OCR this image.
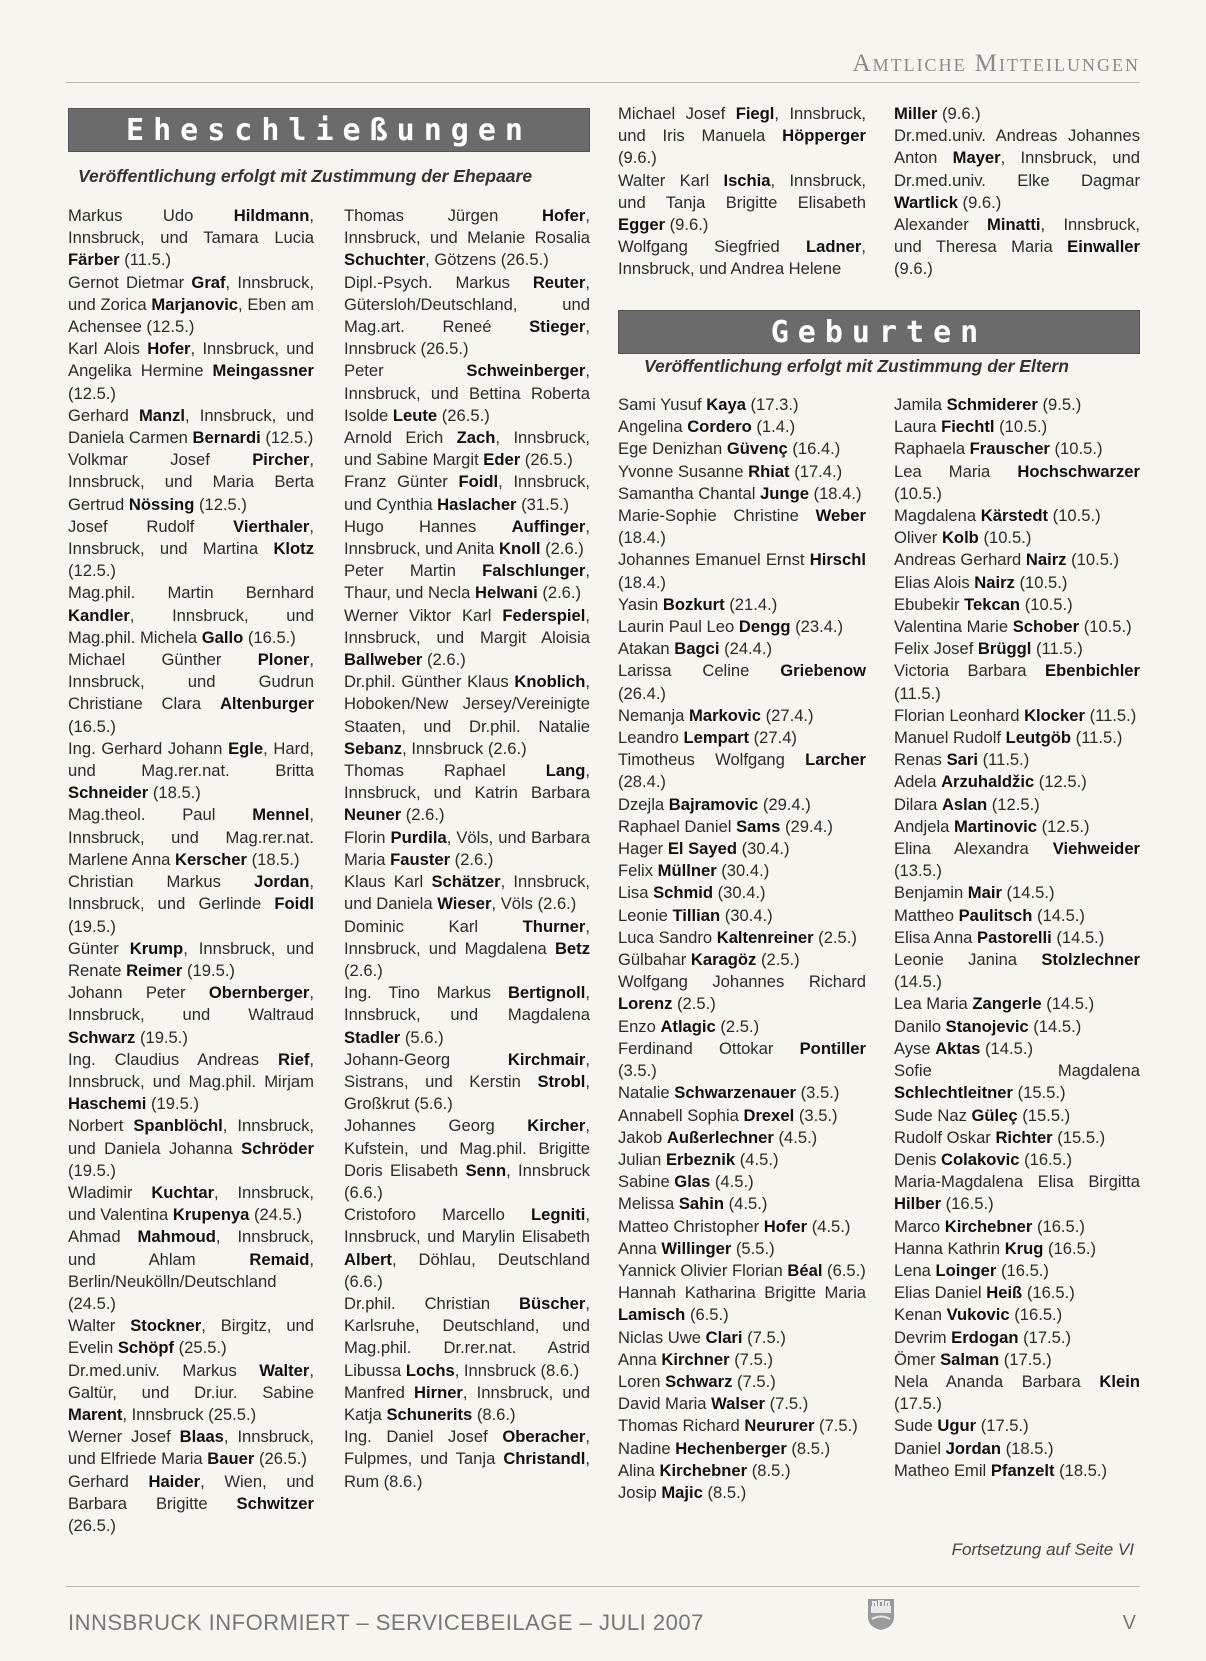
Amtliche Mitteilungen
Eheschließungen
Veröffentlichung erfolgt mit Zustimmung der Ehepaare

Markus Udo Hildmann, Innsbruck, und Tamara Lucia Färber (11.5.)

Gernot Dietmar Graf, Innsbruck, und Zorica Marjanovic, Eben am Achensee (12.5.)

Karl Alois Hofer, Innsbruck, und Angelika Hermine Meingassner (12.5.)

Gerhard Manzl, Innsbruck, und Daniela Carmen Bernardi (12.5.)

Volkmar Josef Pircher, Innsbruck, und Maria Berta Gertrud Nössing (12.5.)

Josef Rudolf Vierthaler, Innsbruck, und Martina Klotz (12.5.)

Mag.phil. Martin Bernhard Kandler, Innsbruck, und Mag.phil. Michela Gallo (16.5.)

Michael Günther Ploner, Innsbruck, und Gudrun Christiane Clara Altenburger (16.5.)

Ing. Gerhard Johann Egle, Hard, und Mag.rer.nat. Britta Schneider (18.5.)

Mag.theol. Paul Mennel, Innsbruck, und Mag.rer.nat. Marlene Anna Kerscher (18.5.)

Christian Markus Jordan, Innsbruck, und Gerlinde Foidl (19.5.)

Günter Krump, Innsbruck, und Renate Reimer (19.5.)

Johann Peter Obernberger, Innsbruck, und Waltraud Schwarz (19.5.)

Ing. Claudius Andreas Rief, Innsbruck, und Mag.phil. Mirjam Haschemi (19.5.)

Norbert Spanblöchl, Innsbruck, und Daniela Johanna Schröder (19.5.)

Wladimir Kuchtar, Innsbruck, und Valentina Krupenya (24.5.)

Ahmad Mahmoud, Innsbruck, und Ahlam Remaid, Berlin/Neukölln/Deutschland (24.5.)

Walter Stockner, Birgitz, und Evelin Schöpf (25.5.)

Dr.med.univ. Markus Walter, Galtür, und Dr.iur. Sabine Marent, Innsbruck (25.5.)

Werner Josef Blaas, Innsbruck, und Elfriede Maria Bauer (26.5.)

Gerhard Haider, Wien, und Barbara Brigitte Schwitzer (26.5.)

Thomas Jürgen Hofer, Innsbruck, und Melanie Rosalia Schuchter, Götzens (26.5.)

Dipl.-Psych. Markus Reuter, Gütersloh/Deutschland, und Mag.art. Reneé Stieger, Innsbruck (26.5.)

Peter Schweinberger, Innsbruck, und Bettina Roberta Isolde Leute (26.5.)

Arnold Erich Zach, Innsbruck, und Sabine Margit Eder (26.5.)

Franz Günter Foidl, Innsbruck, und Cynthia Haslacher (31.5.)

Hugo Hannes Auffinger, Innsbruck, und Anita Knoll (2.6.)

Peter Martin Falschlunger, Thaur, und Necla Helwani (2.6.)

Werner Viktor Karl Federspiel, Innsbruck, und Margit Aloisia Ballweber (2.6.)

Dr.phil. Günther Klaus Knoblich, Hoboken/New Jersey/Vereinigte Staaten, und Dr.phil. Natalie Sebanz, Innsbruck (2.6.)

Thomas Raphael Lang, Innsbruck, und Katrin Barbara Neuner (2.6.)

Florin Purdila, Völs, und Barbara Maria Fauster (2.6.)

Klaus Karl Schätzer, Innsbruck, und Daniela Wieser, Völs (2.6.)

Dominic Karl Thurner, Innsbruck, und Magdalena Betz (2.6.)

Ing. Tino Markus Bertignoll, Innsbruck, und Magdalena Stadler (5.6.)

Johann-Georg Kirchmair, Sistrans, und Kerstin Strobl, Großkrut (5.6.)

Johannes Georg Kircher, Kufstein, und Mag.phil. Brigitte Doris Elisabeth Senn, Innsbruck (6.6.)

Cristoforo Marcello Legniti, Innsbruck, und Marylin Elisabeth Albert, Döhlau, Deutschland (6.6.)

Dr.phil. Christian Büscher, Karlsruhe, Deutschland, und Mag.phil. Dr.rer.nat. Astrid Libussa Lochs, Innsbruck (8.6.)

Manfred Hirner, Innsbruck, und Katja Schunerits (8.6.)

Ing. Daniel Josef Oberacher, Fulpmes, und Tanja Christandl, Rum (8.6.)

Michael Josef Fiegl, Innsbruck, und Iris Manuela Höpperger (9.6.)

Walter Karl Ischia, Innsbruck, und Tanja Brigitte Elisabeth Egger (9.6.)

Wolfgang Siegfried Ladner, Innsbruck, und Andrea Helene

Miller (9.6.)

Dr.med.univ. Andreas Johannes Anton Mayer, Innsbruck, und Dr.med.univ. Elke Dagmar Wartlick (9.6.)

Alexander Minatti, Innsbruck, und Theresa Maria Einwaller (9.6.)

Geburten
Veröffentlichung erfolgt mit Zustimmung der Eltern

Sami Yusuf Kaya (17.3.)

Angelina Cordero (1.4.)

Ege Denizhan Güvenç (16.4.)

Yvonne Susanne Rhiat (17.4.)

Samantha Chantal Junge (18.4.)

Marie-Sophie Christine Weber (18.4.)

Johannes Emanuel Ernst Hirschl (18.4.)

Yasin Bozkurt (21.4.)

Laurin Paul Leo Dengg (23.4.)

Atakan Bagci (24.4.)

Larissa Celine Griebenow (26.4.)

Nemanja Markovic (27.4.)

Leandro Lempart (27.4)

Timotheus Wolfgang Larcher (28.4.)

Dzejla Bajramovic (29.4.)

Raphael Daniel Sams (29.4.)

Hager El Sayed (30.4.)

Felix Müllner (30.4.)

Lisa Schmid (30.4.)

Leonie Tillian (30.4.)

Luca Sandro Kaltenreiner (2.5.)

Gülbahar Karagöz (2.5.)

Wolfgang Johannes Richard Lorenz (2.5.)

Enzo Atlagic (2.5.)

Ferdinand Ottokar Pontiller (3.5.)

Natalie Schwarzenauer (3.5.)

Annabell Sophia Drexel (3.5.)

Jakob Außerlechner (4.5.)

Julian Erbeznik (4.5.)

Sabine Glas (4.5.)

Melissa Sahin (4.5.)

Matteo Christopher Hofer (4.5.)

Anna Willinger (5.5.)

Yannick Olivier Florian Béal (6.5.)

Hannah Katharina Brigitte Maria Lamisch (6.5.)

Niclas Uwe Clari (7.5.)

Anna Kirchner (7.5.)

Loren Schwarz (7.5.)

David Maria Walser (7.5.)

Thomas Richard Neururer (7.5.)

Nadine Hechenberger (8.5.)

Alina Kirchebner (8.5.)

Josip Majic (8.5.)

Jamila Schmiderer (9.5.)

Laura Fiechtl (10.5.)

Raphaela Frauscher (10.5.)

Lea Maria Hochschwarzer (10.5.)

Magdalena Kärstedt (10.5.)

Oliver Kolb (10.5.)

Andreas Gerhard Nairz (10.5.)

Elias Alois Nairz (10.5.)

Ebubekir Tekcan (10.5.)

Valentina Marie Schober (10.5.)

Felix Josef Brüggl (11.5.)

Victoria Barbara Ebenbichler (11.5.)

Florian Leonhard Klocker (11.5.)

Manuel Rudolf Leutgöb (11.5.)

Renas Sari (11.5.)

Adela Arzuhaldžic (12.5.)

Dilara Aslan (12.5.)

Andjela Martinovic (12.5.)

Elina Alexandra Viehweider (13.5.)

Benjamin Mair (14.5.)

Mattheo Paulitsch (14.5.)

Elisa Anna Pastorelli (14.5.)

Leonie Janina Stolzlechner (14.5.)

Lea Maria Zangerle (14.5.)

Danilo Stanojevic (14.5.)

Ayse Aktas (14.5.)

Sofie Magdalena Schlechtleitner (15.5.)

Sude Naz Güleç (15.5.)

Rudolf Oskar Richter (15.5.)

Denis Colakovic (16.5.)

Maria-Magdalena Elisa Birgitta Hilber (16.5.)

Marco Kirchebner (16.5.)

Hanna Kathrin Krug (16.5.)

Lena Loinger (16.5.)

Elias Daniel Heiß (16.5.)

Kenan Vukovic (16.5.)

Devrim Erdogan (17.5.)

Ömer Salman (17.5.)

Nela Ananda Barbara Klein (17.5.)

Sude Ugur (17.5.)

Daniel Jordan (18.5.)

Matheo Emil Pfanzelt (18.5.)

Fortsetzung auf Seite VI
INNSBRUCK INFORMIERT – SERVICEBEILAGE – JULI 2007	V
